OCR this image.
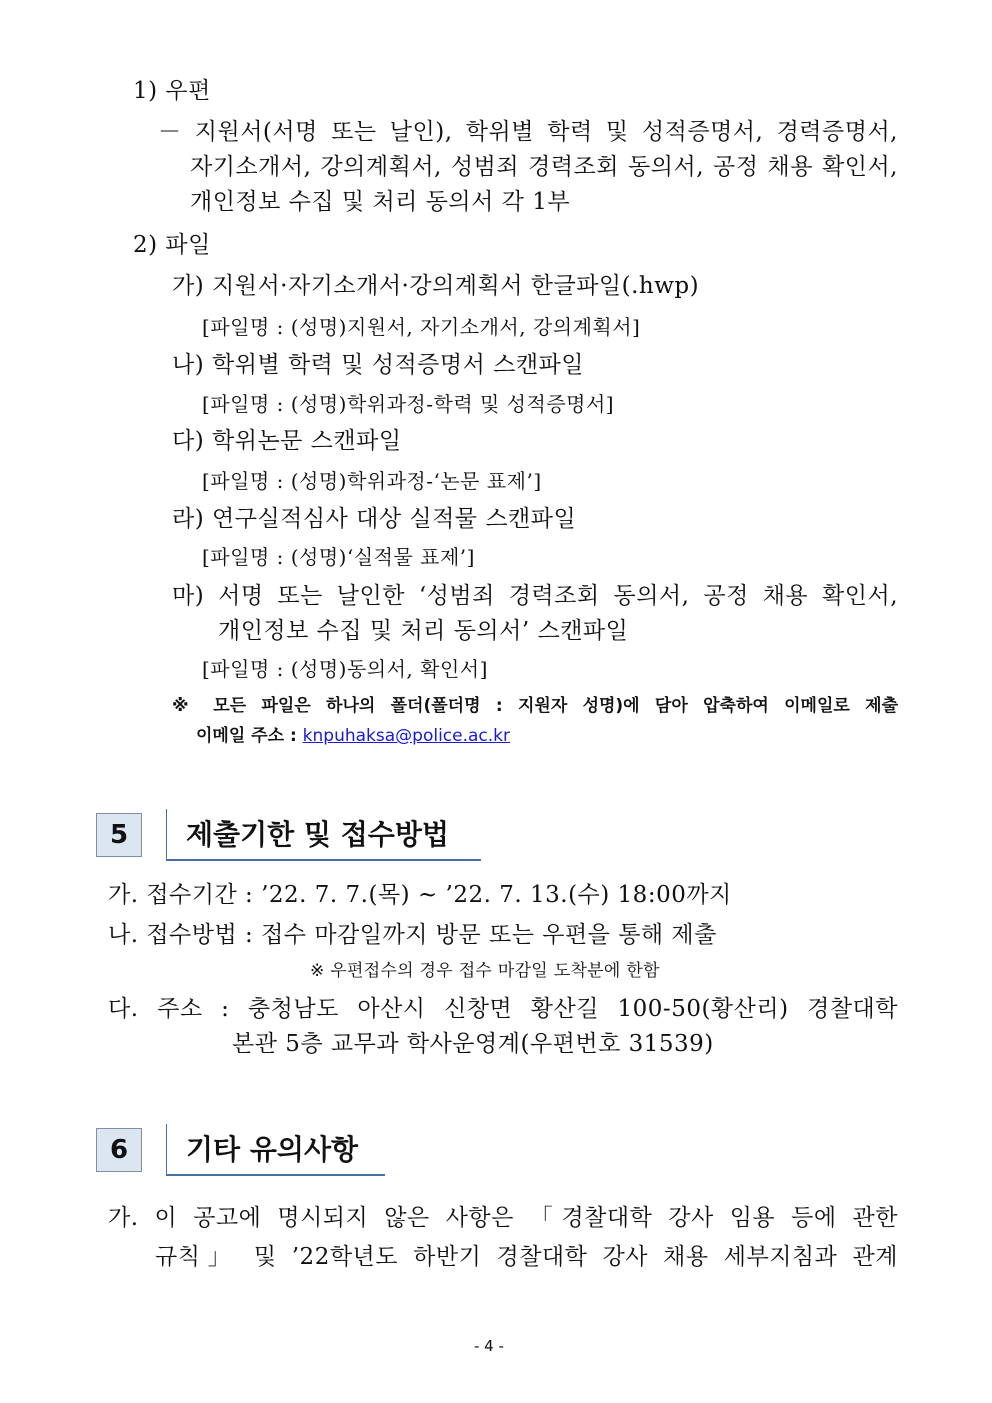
1) 우편
－ 지원서(서명 또는 날인), 학위별 학력 및 성적증명서, 경력증명서,
자기소개서, 강의계획서, 성범죄 경력조회 동의서, 공정 채용 확인서,
개인정보 수집 및 처리 동의서 각 1부
2) 파일
가) 지원서·자기소개서·강의계획서 한글파일(.hwp)
[파일명 : (성명)지원서, 자기소개서, 강의계획서]
나) 학위별 학력 및 성적증명서 스캔파일
[파일명 : (성명)학위과정-학력 및 성적증명서]
다) 학위논문 스캔파일
[파일명 : (성명)학위과정-‘논문 표제’]
라) 연구실적심사 대상 실적물 스캔파일
[파일명 : (성명)‘실적물 표제’]
마) 서명 또는 날인한 ‘성범죄 경력조회 동의서, 공정 채용 확인서,
개인정보 수집 및 처리 동의서’ 스캔파일
[파일명 : (성명)동의서, 확인서]
※ 모든 파일은 하나의 폴더(폴더명 : 지원자 성명)에 담아 압축하여 이메일로 제출
이메일 주소 : knpuhaksa@police.ac.kr
5	제출기한 및 접수방법
가. 접수기간 : ’22. 7. 7.(목) ~ ’22. 7. 13.(수) 18:00까지
나. 접수방법 : 접수 마감일까지 방문 또는 우편을 통해 제출
※ 우편접수의 경우 접수 마감일 도착분에 한함
다. 주소 : 충청남도 아산시 신창면 황산길 100-50(황산리) 경찰대학
본관 5층 교무과 학사운영계(우편번호 31539)
6	기타 유의사항
가. 이 공고에 명시되지 않은 사항은 「경찰대학 강사 임용 등에 관한
규칙」 및 ’22학년도 하반기 경찰대학 강사 채용 세부지침과 관계
- 4 -
